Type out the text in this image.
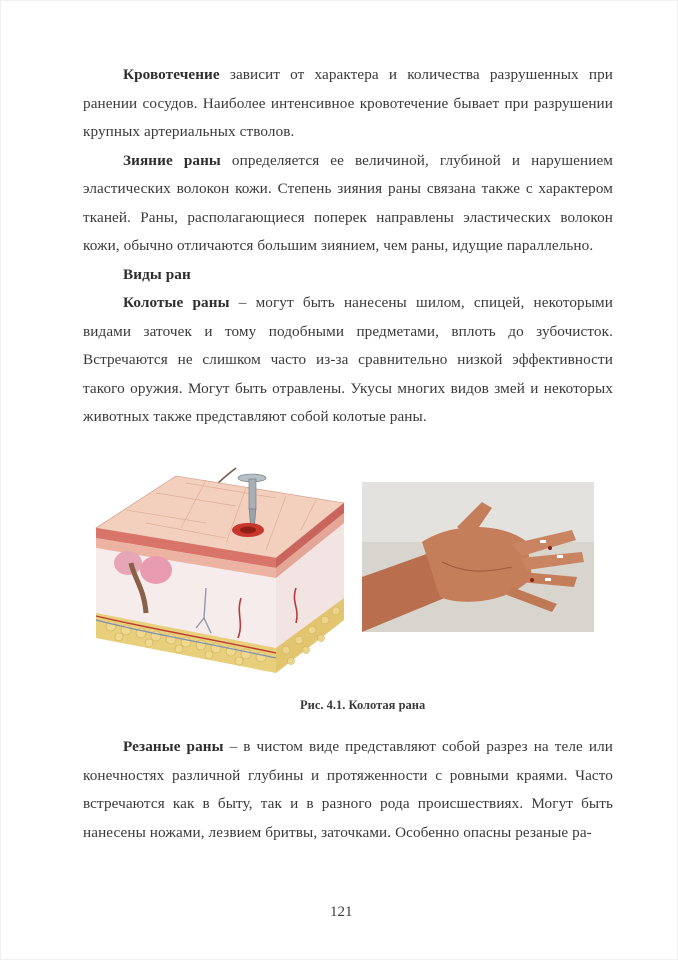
Кровотечение зависит от характера и количества разрушенных при ранении сосудов. Наиболее интенсивное кровотечение бывает при разрушении крупных артериальных стволов.

Зияние раны определяется ее величиной, глубиной и нарушением эластических волокон кожи. Степень зияния раны связана также с характером тканей. Раны, располагающиеся поперек направлены эластических волокон кожи, обычно отличаются большим зиянием, чем раны, идущие параллельно.

Виды ран

Колотые раны – могут быть нанесены шилом, спицей, некоторыми видами заточек и тому подобными предметами, вплоть до зубочисток. Встречаются не слишком часто из-за сравнительно низкой эффективности такого оружия. Могут быть отравлены. Укусы многих видов змей и некоторых животных также представляют собой колотые раны.

Рис. 4.1. Колотая рана

Резаные раны – в чистом виде представляют собой разрез на теле или конечностях различной глубины и протяженности с ровными краями. Часто встречаются как в быту, так и в разного рода происшествиях. Могут быть нанесены ножами, лезвием бритвы, заточками. Особенно опасны резаные ра-

121
